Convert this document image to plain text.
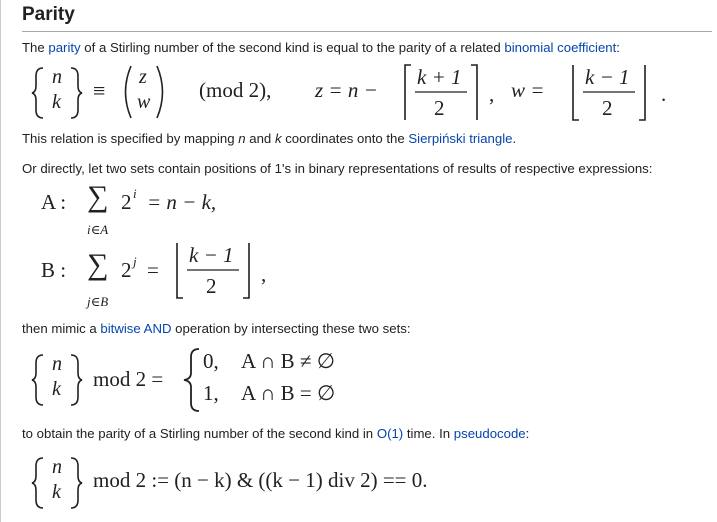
Parity
The parity of a Stirling number of the second kind is equal to the parity of a related binomial coefficient:
n
k ≡
z
w (mod 2), z = n −
k + 1
2
, w =
k − 1
2
.
This relation is specified by mapping n and k coordinates onto the Sierpiński triangle.
Or directly, let two sets contain positions of 1's in binary representations of results of respective expressions:
A : ∑ 2 i = n − k,
i∈A
B : ∑ 2 j =
k − 1
2 ,
j∈B
then mimic a bitwise AND operation by intersecting these two sets:
n
k mod 2 =
0, A ∩ B ≠ ∅
1, A ∩ B = ∅
to obtain the parity of a Stirling number of the second kind in O(1) time. In pseudocode:
n
k mod 2 := (n − k) & ((k − 1) div 2) == 0.
